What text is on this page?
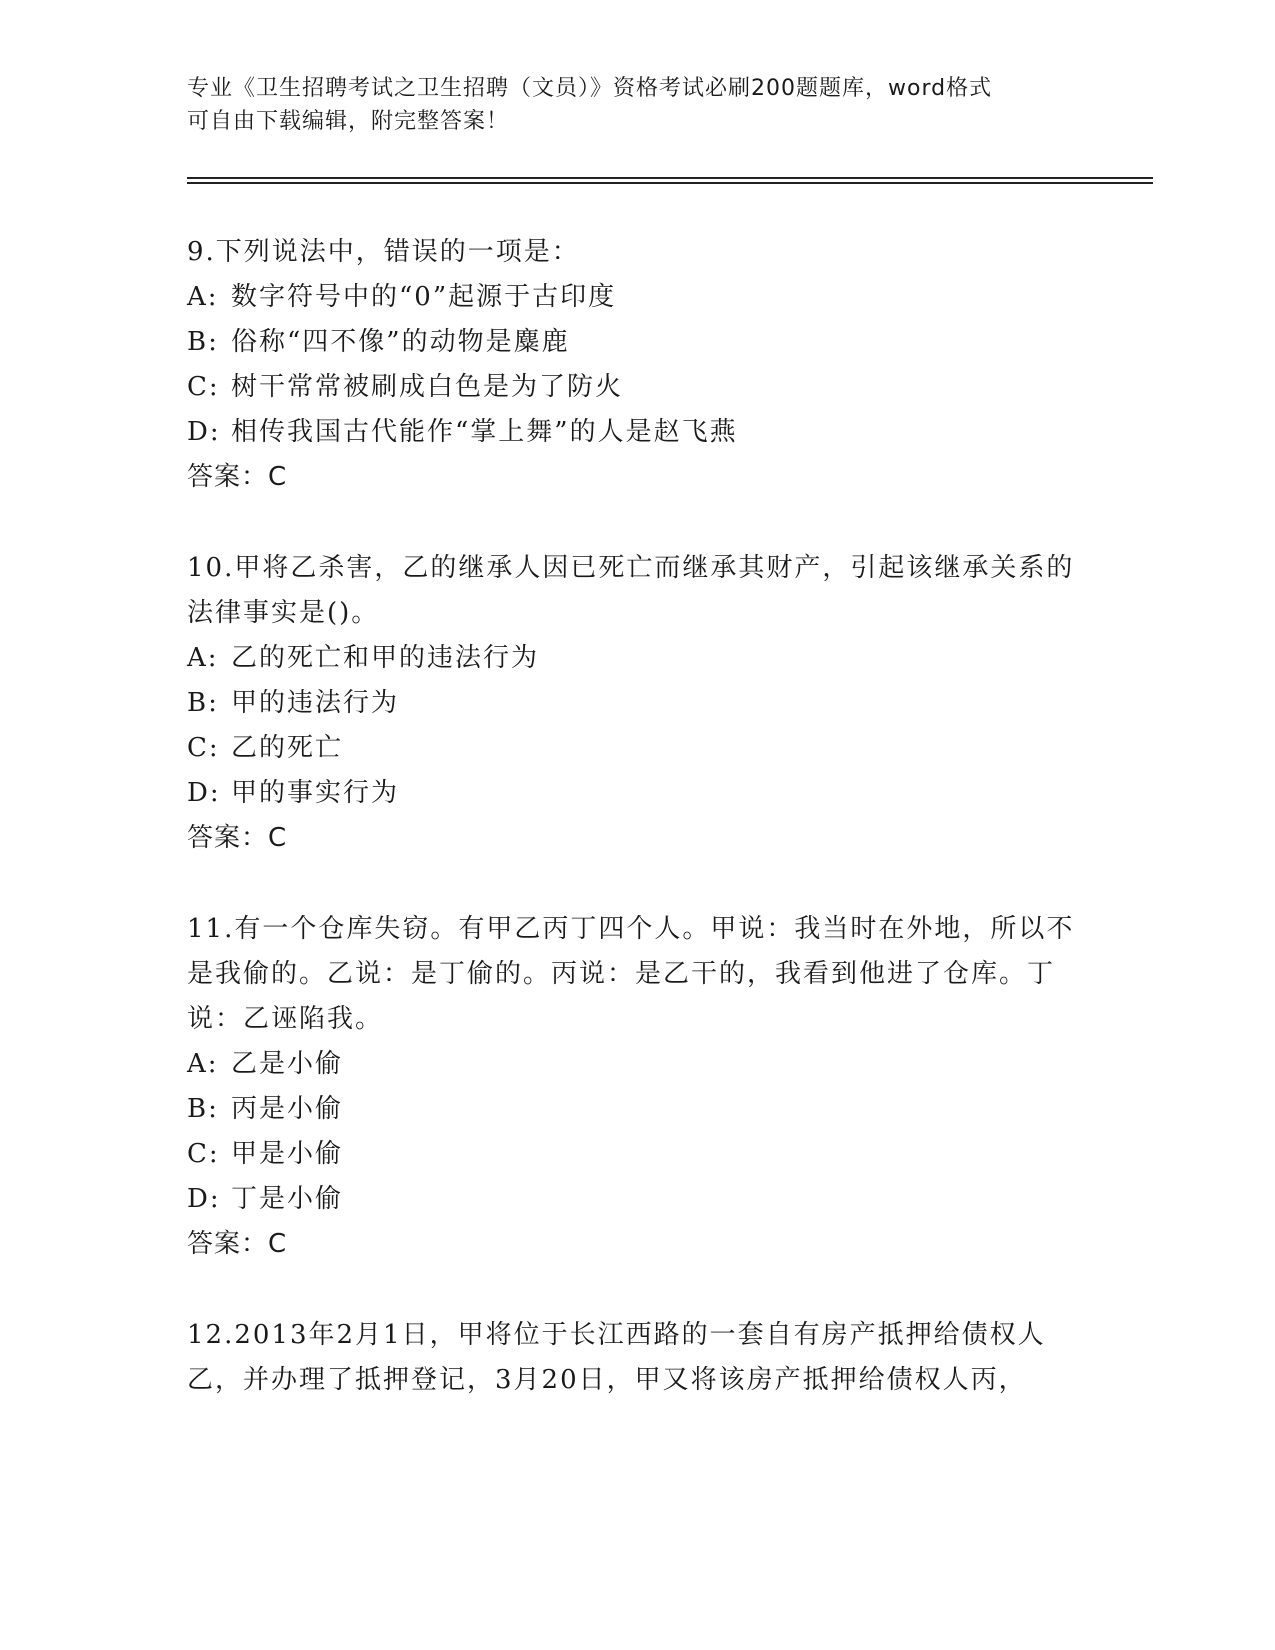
专业《卫生招聘考试之卫生招聘（文员）》资格考试必刷200题题库，word格式
可自由下载编辑，附完整答案！

9.下列说法中，错误的一项是：

A: 数字符号中的“0”起源于古印度
B: 俗称“四不像”的动物是麋鹿
C: 树干常常被刷成白色是为了防火
D: 相传我国古代能作“掌上舞”的人是赵飞燕
答案：C

10.甲将乙杀害，乙的继承人因已死亡而继承其财产，引起该继承关系的法律事实是()。

A: 乙的死亡和甲的违法行为
B: 甲的违法行为
C: 乙的死亡
D: 甲的事实行为
答案：C

11.有一个仓库失窃。有甲乙丙丁四个人。甲说：我当时在外地，所以不是我偷的。乙说：是丁偷的。丙说：是乙干的，我看到他进了仓库。丁说：乙诬陷我。

A: 乙是小偷
B: 丙是小偷
C: 甲是小偷
D: 丁是小偷
答案：C

12.2013年2月1日，甲将位于长江西路的一套自有房产抵押给债权人乙，并办理了抵押登记，3月20日，甲又将该房产抵押给债权人丙，
